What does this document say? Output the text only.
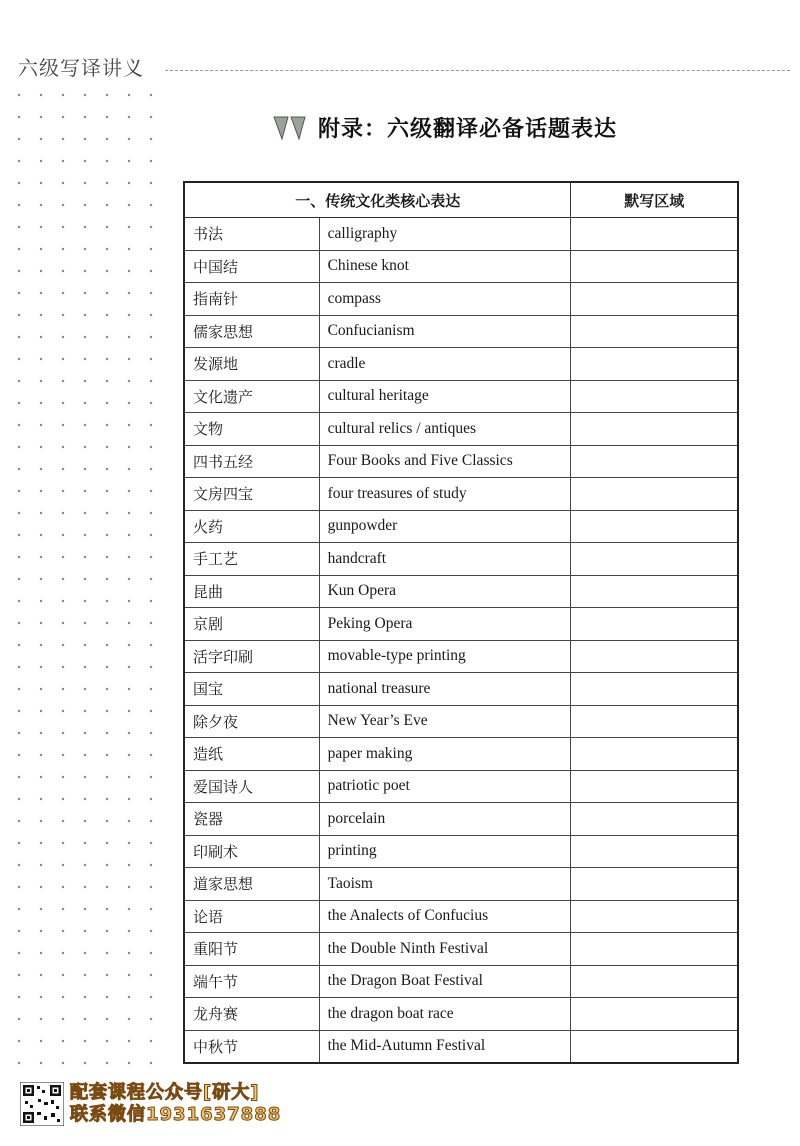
六级写译讲义
附录：六级翻译必备话题表达
一、传统文化类核心表达		默写区域
书法	calligraphy	
中国结	Chinese knot	
指南针	compass	
儒家思想	Confucianism	
发源地	cradle	
文化遗产	cultural heritage	
文物	cultural relics / antiques	
四书五经	Four Books and Five Classics	
文房四宝	four treasures of study	
火药	gunpowder	
手工艺	handcraft	
昆曲	Kun Opera	
京剧	Peking Opera	
活字印刷	movable-type printing	
国宝	national treasure	
除夕夜	New Year’s Eve	
造纸	paper making	
爱国诗人	patriotic poet	
瓷器	porcelain	
印刷术	printing	
道家思想	Taoism	
论语	the Analects of Confucius	
重阳节	the Double Ninth Festival	
端午节	the Dragon Boat Festival	
龙舟赛	the dragon boat race	
中秋节	the Mid-Autumn Festival	
配套课程公众号[研大]
联系微信1931637888
